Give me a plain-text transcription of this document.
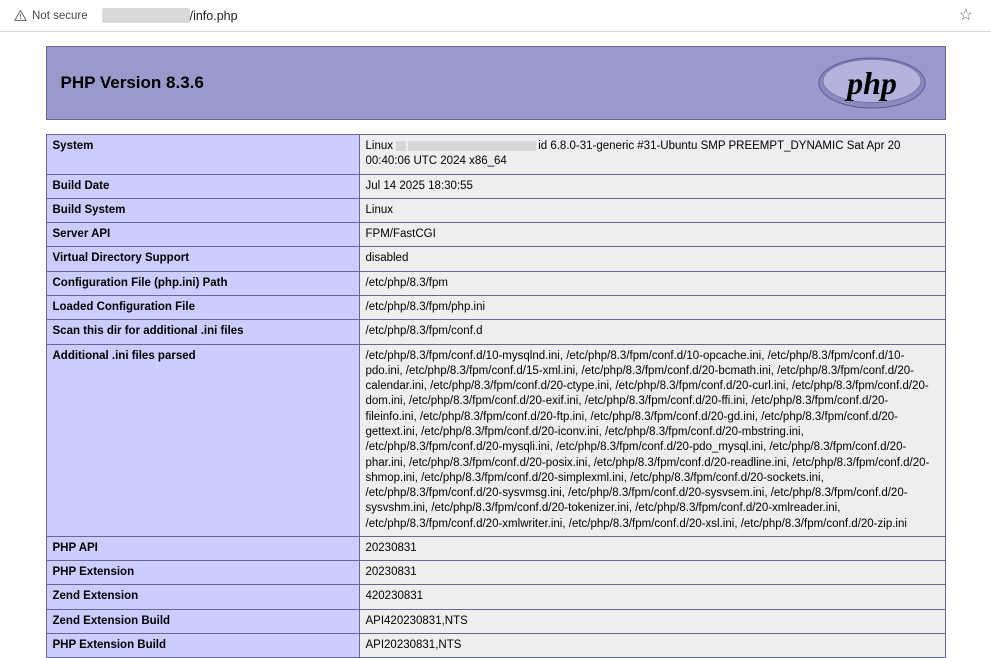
Not secure	/info.php	☆
PHP Version 8.3.6	php
System	Linux id 6.8.0-31-generic #31-Ubuntu SMP PREEMPT_DYNAMIC Sat Apr 20 00:40:06 UTC 2024 x86_64
Build Date	Jul 14 2025 18:30:55
Build System	Linux
Server API	FPM/FastCGI
Virtual Directory Support	disabled
Configuration File (php.ini) Path	/etc/php/8.3/fpm
Loaded Configuration File	/etc/php/8.3/fpm/php.ini
Scan this dir for additional .ini files	/etc/php/8.3/fpm/conf.d
Additional .ini files parsed	/etc/php/8.3/fpm/conf.d/10-mysqlnd.ini, /etc/php/8.3/fpm/conf.d/10-opcache.ini, /etc/php/8.3/fpm/conf.d/10-pdo.ini, /etc/php/8.3/fpm/conf.d/15-xml.ini, /etc/php/8.3/fpm/conf.d/20-bcmath.ini, /etc/php/8.3/fpm/conf.d/20-calendar.ini, /etc/php/8.3/fpm/conf.d/20-ctype.ini, /etc/php/8.3/fpm/conf.d/20-curl.ini, /etc/php/8.3/fpm/conf.d/20-dom.ini, /etc/php/8.3/fpm/conf.d/20-exif.ini, /etc/php/8.3/fpm/conf.d/20-ffi.ini, /etc/php/8.3/fpm/conf.d/20-fileinfo.ini, /etc/php/8.3/fpm/conf.d/20-ftp.ini, /etc/php/8.3/fpm/conf.d/20-gd.ini, /etc/php/8.3/fpm/conf.d/20-gettext.ini, /etc/php/8.3/fpm/conf.d/20-iconv.ini, /etc/php/8.3/fpm/conf.d/20-mbstring.ini, /etc/php/8.3/fpm/conf.d/20-mysqli.ini, /etc/php/8.3/fpm/conf.d/20-pdo_mysql.ini, /etc/php/8.3/fpm/conf.d/20-phar.ini, /etc/php/8.3/fpm/conf.d/20-posix.ini, /etc/php/8.3/fpm/conf.d/20-readline.ini, /etc/php/8.3/fpm/conf.d/20-shmop.ini, /etc/php/8.3/fpm/conf.d/20-simplexml.ini, /etc/php/8.3/fpm/conf.d/20-sockets.ini, /etc/php/8.3/fpm/conf.d/20-sysvmsg.ini, /etc/php/8.3/fpm/conf.d/20-sysvsem.ini, /etc/php/8.3/fpm/conf.d/20-sysvshm.ini, /etc/php/8.3/fpm/conf.d/20-tokenizer.ini, /etc/php/8.3/fpm/conf.d/20-xmlreader.ini, /etc/php/8.3/fpm/conf.d/20-xmlwriter.ini, /etc/php/8.3/fpm/conf.d/20-xsl.ini, /etc/php/8.3/fpm/conf.d/20-zip.ini
PHP API	20230831
PHP Extension	20230831
Zend Extension	420230831
Zend Extension Build	API420230831,NTS
PHP Extension Build	API20230831,NTS
